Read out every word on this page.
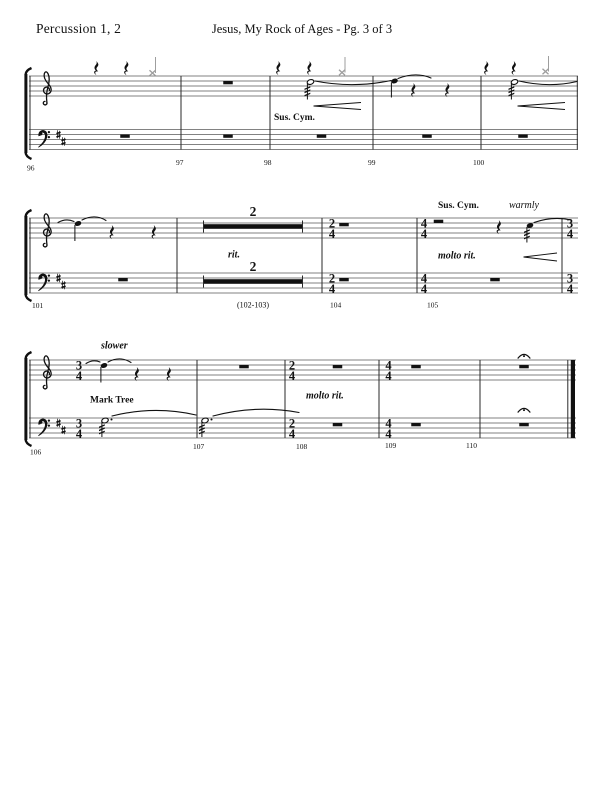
Percussion 1, 2	Jesus, My Rock of Ages - Pg. 3 of 3
Sus. Cym.
96
97	98	99	100
2
2
rit.
(102-103)
2
4
2
4
4
4
4
4
Sus. Cym.	warmly
molto rit.
3
4
3
4
101	104	105
3
4
3
4
slower
Mark Tree
2
4
2
4
molto rit.
4
4
4
4
106
107	108	109	110
